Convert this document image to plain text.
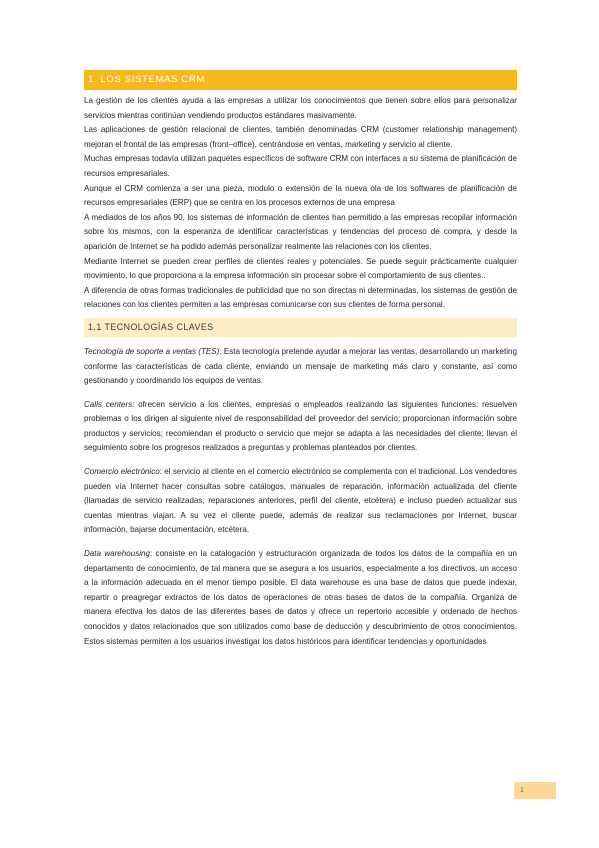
1. LOS SISTEMAS CRM

La gestión de los clientes ayuda a las empresas a utilizar los conocimientos que tienen sobre ellos para personalizar servicios mientras continúan vendiendo productos estándares masivamente.

Las aplicaciones de gestión relacional de clientes, también denominadas CRM (customer relationship management) mejoran el frontal de las empresas (front–office), centrándose en ventas, marketing y servicio al cliente.

Muchas empresas todavía utilizan paquetes específicos de software CRM con interfaces a su sistema de planificación de recursos empresariales.

Aunque el CRM comienza a ser una pieza, modulo o extensión de la nueva ola de los softwares de planificación de recursos empresariales (ERP) que se centra en los procesos externos de una empresa

A mediados de los años 90, los sistemas de información de clientes han permitido a las empresas recopilar información sobre los mismos, con la esperanza de identificar características y tendencias del proceso de compra, y desde la aparición de Internet se ha podido además personalizar realmente las relaciones con los clientes.

Mediante Internet se pueden crear perfiles de clientes reales y potenciales. Se puede seguir prácticamente cualquier movimiento, lo que proporciona a la empresa información sin procesar sobre el comportamiento de sus clientes..

A diferencia de otras formas tradicionales de publicidad que no son directas ni determinadas, los sistemas de gestión de relaciones con los clientes permiten a las empresas comunicarse con sus clientes de forma personal.

1.1 TECNOLOGÍAS CLAVES

Tecnología de soporte a ventas (TES): Esta tecnología pretende ayudar a mejorar las ventas, desarrollando un marketing conforme las características de cada cliente, enviando un mensaje de marketing más claro y constante, así como gestionando y coordinando los equipos de ventas.

Calls centers: ofrecen servicio a los clientes, empresas o empleados realizando las siguientes funciones: resuelven problemas o los dirigen al siguiente nivel de responsabilidad del proveedor del servicio; proporcionan información sobre productos y servicios; recomiendan el producto o servicio que mejor se adapta a las necesidades del cliente; llevan el seguimiento sobre los progresos realizados a preguntas y problemas planteados por clientes.

Comercio electrónico: el servicio al cliente en el comercio electrónico se complementa con el tradicional. Los vendedores pueden vía Internet hacer consultas sobre catálogos, manuales de reparación, información actualizada del cliente (llamadas de servicio realizadas, reparaciones anteriores, perfil del cliente, etcétera) e incluso pueden actualizar sus cuentas mientras viajan. A su vez el cliente puede, además de realizar sus reclamaciones por Internet, buscar información, bajarse documentación, etcétera.

Data warehousing: consiste en la catalogación y estructuración organizada de todos los datos de la compañía en un departamento de conocimiento, de tal manera que se asegura a los usuarios, especialmente a los directivos, un acceso a la información adecuada en el menor tiempo posible. El data warehouse es una base de datos que puede indexar, repartir o preagregar extractos de los datos de operaciones de otras bases de datos de la compañía. Organiza de manera efectiva los datos de las diferentes bases de datos y ofrece un repertorio accesible y ordenado de hechos conocidos y datos relacionados que son utilizados como base de deducción y descubrimiento de otros conocimientos. Estos sistemas permiten a los usuarios investigar los datos históricos para identificar tendencias y oportunidades

1
